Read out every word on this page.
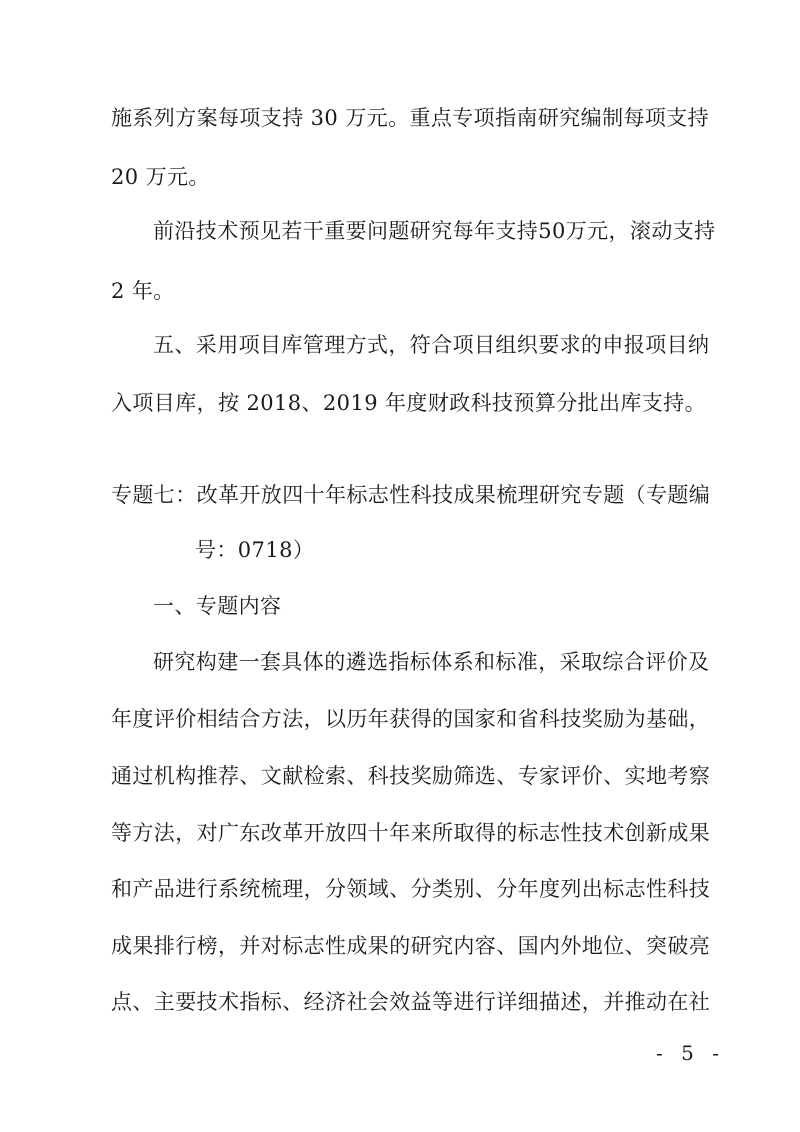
施系列方案每项支持 30 万元。重点专项指南研究编制每项支持
20 万元。
前沿技术预见若干重要问题研究每年支持50万元，滚动支持
2 年。
五、采用项目库管理方式，符合项目组织要求的申报项目纳
入项目库，按 2018、2019 年度财政科技预算分批出库支持。
专题七：改革开放四十年标志性科技成果梳理研究专题（专题编
号：0718）
一、专题内容
研究构建一套具体的遴选指标体系和标准，采取综合评价及
年度评价相结合方法，以历年获得的国家和省科技奖励为基础，
通过机构推荐、文献检索、科技奖励筛选、专家评价、实地考察
等方法，对广东改革开放四十年来所取得的标志性技术创新成果
和产品进行系统梳理，分领域、分类别、分年度列出标志性科技
成果排行榜，并对标志性成果的研究内容、国内外地位、突破亮
点、主要技术指标、经济社会效益等进行详细描述，并推动在社
- 5 -
